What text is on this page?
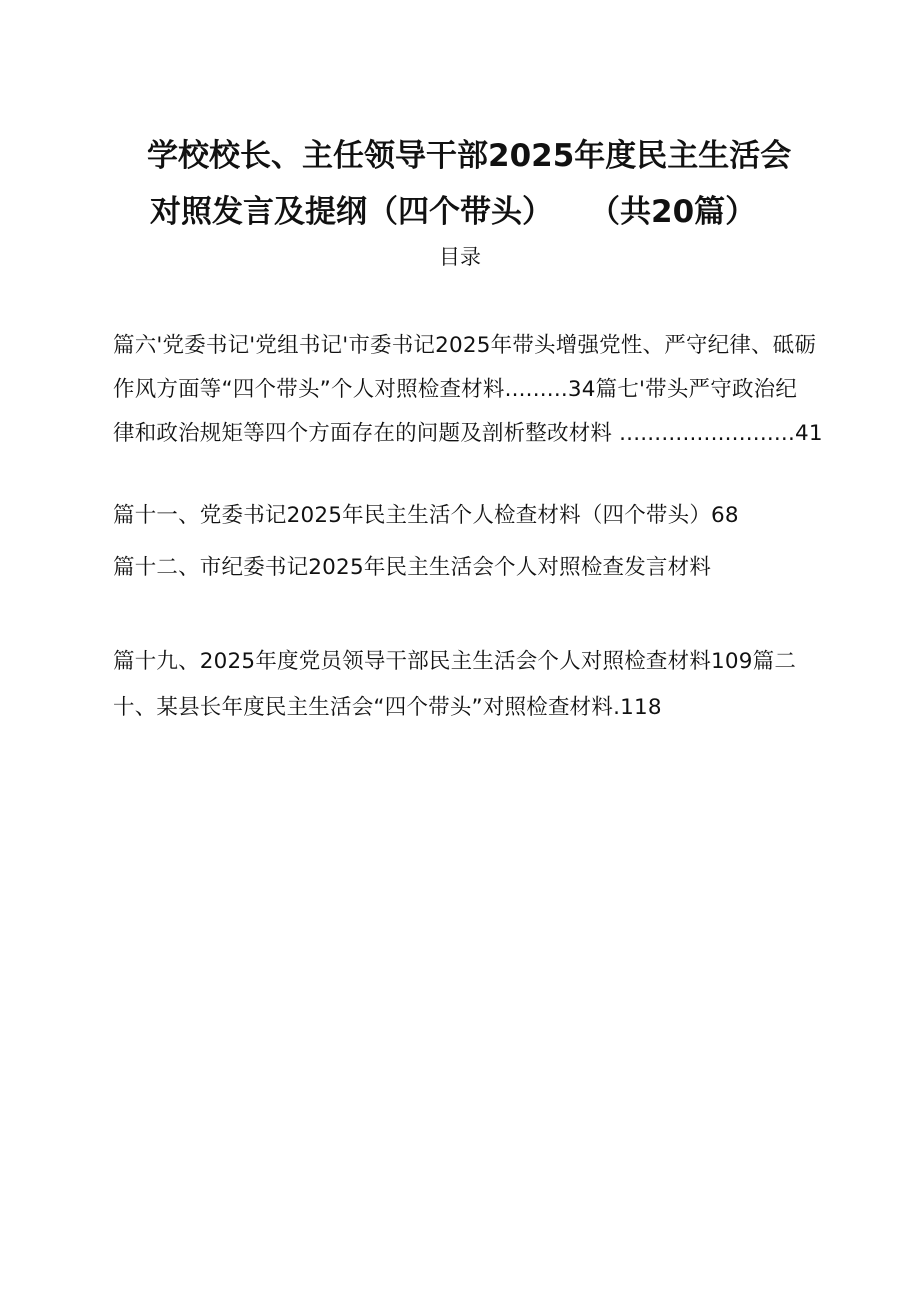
学校校长、主任领导干部2025年度民主生活会
对照发言及提纲（四个带头） （共20篇）
目录
篇六'党委书记'党组书记'市委书记2025年带头增强党性、严守纪律、砥砺
作风方面等“四个带头”个人对照检查材料.........34篇七'带头严守政治纪
律和政治规矩等四个方面存在的问题及剖析整改材料 .........................41
篇十一、党委书记2025年民主生活个人检查材料（四个带头）68
篇十二、市纪委书记2025年民主生活会个人对照检查发言材料
篇十九、2025年度党员领导干部民主生活会个人对照检查材料109篇二
十、某县长年度民主生活会“四个带头”对照检查材料.118
